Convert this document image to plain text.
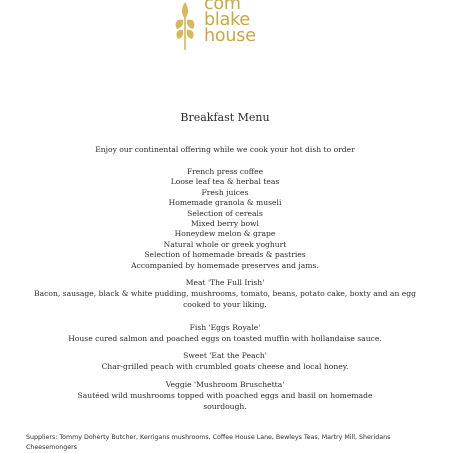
com
blake
house
Breakfast Menu
Enjoy our continental offering while we cook your hot dish to order
French press coffee
Loose leaf tea & herbal teas
Fresh juices
Homemade granola & museli
Selection of cereals
Mixed berry bowl
Honeydew melon & grape
Natural whole or greek yoghurt
Selection of homemade breads & pastries
Accompanied by homemade preserves and jams.
Meat 'The Full Irish'
Bacon, sausage, black & white pudding, mushrooms, tomato, beans, potato cake, boxty and an egg cooked to your liking.
Fish 'Eggs Royale'
House cured salmon and poached eggs on toasted muffin with hollandaise sauce.
Sweet 'Eat the Peach'
Char-grilled peach with crumbled goats cheese and local honey.
Veggie 'Mushroom Bruschetta'
Sautéed wild mushrooms topped with poached eggs and basil on homemade sourdough.
Suppliers: Tommy Doherty Butcher, Kerrigans mushrooms, Coffee House Lane, Bewleys Teas, Martry Mill, Sheridans Cheesemongers
